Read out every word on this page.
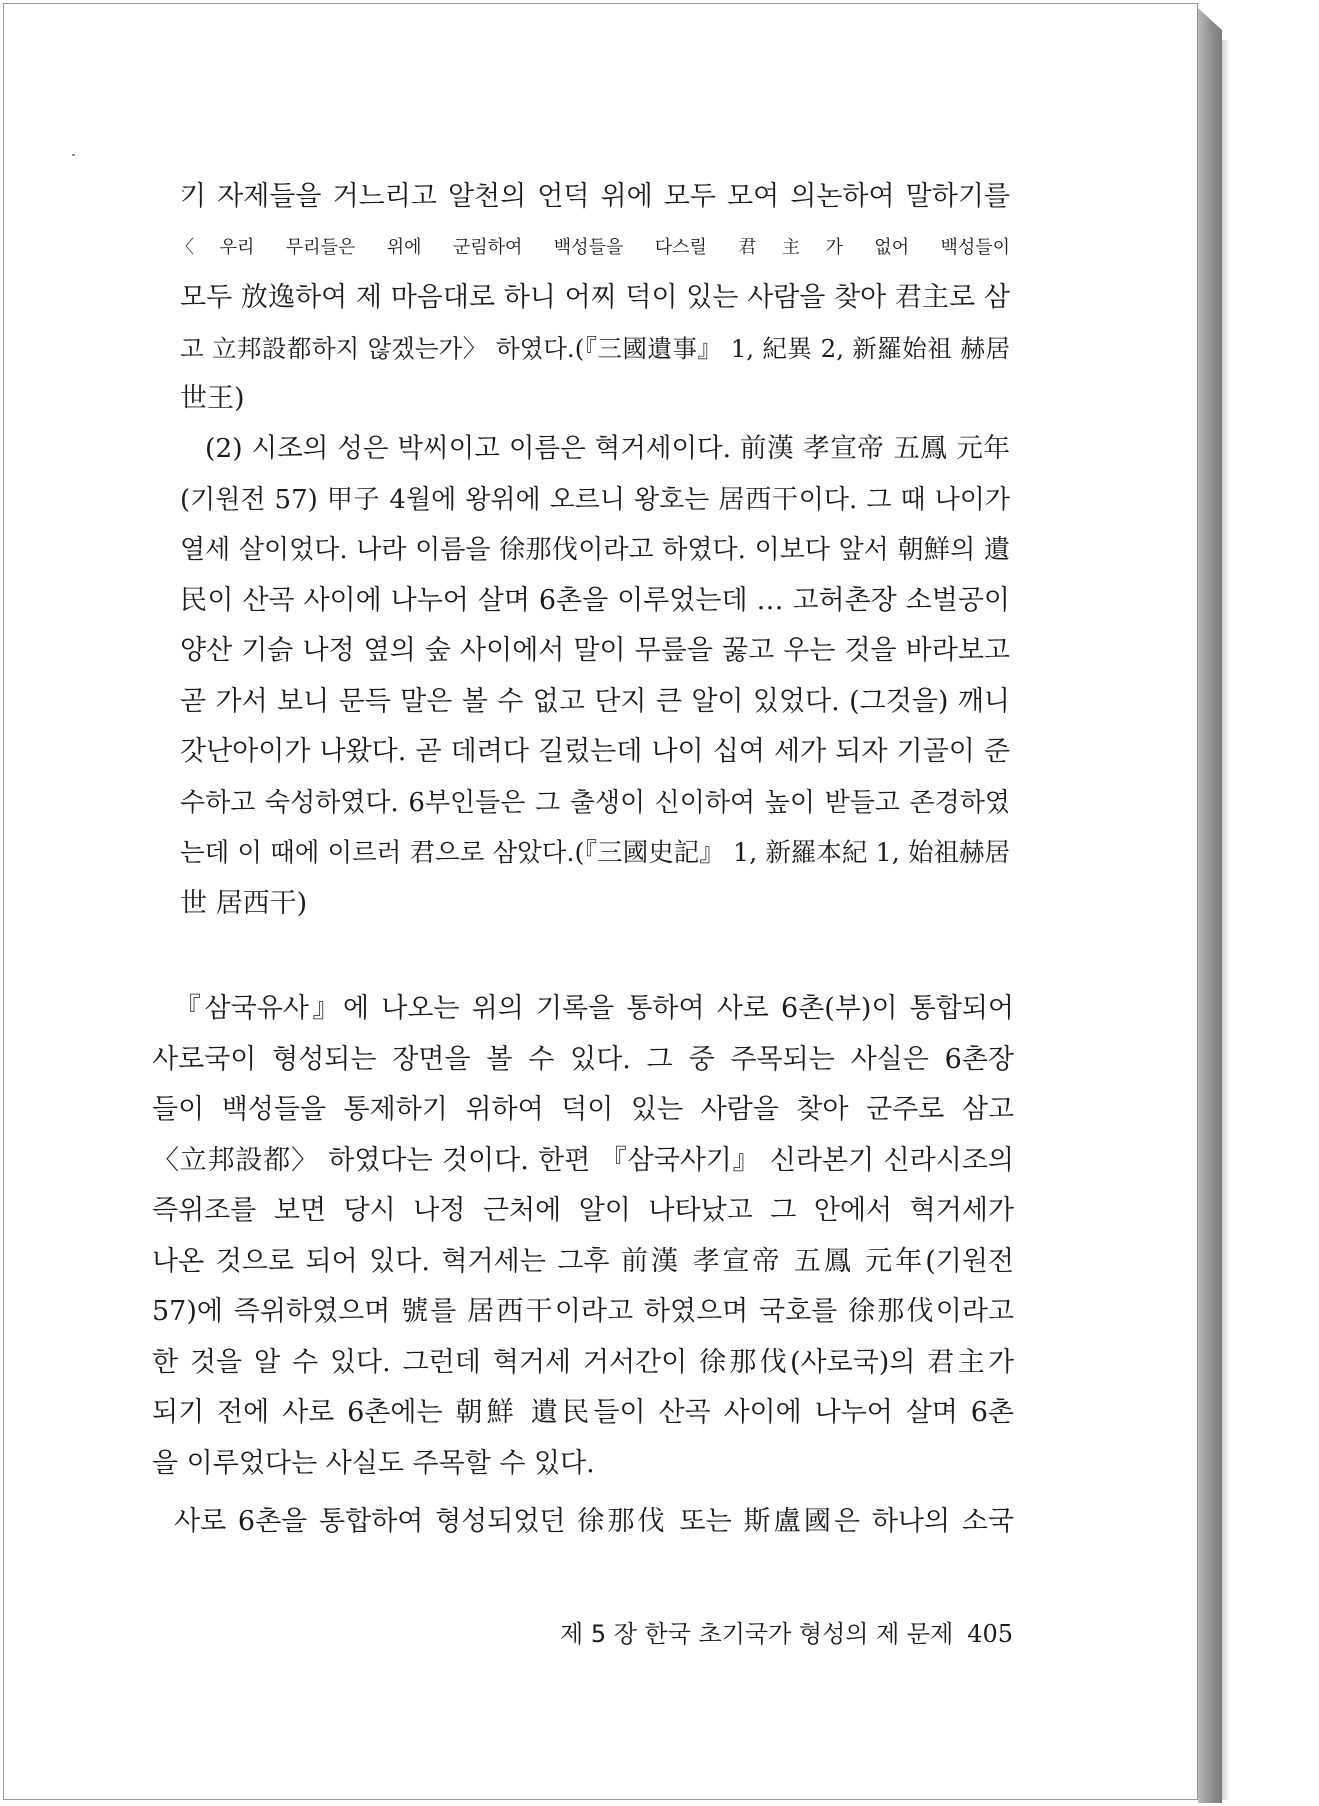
기 자제들을 거느리고 알천의 언덕 위에 모두 모여 의논하여 말하기를
〈우리 무리들은 위에 군림하여 백성들을 다스릴 君主가 없어 백성들이
모두 放逸하여 제 마음대로 하니 어찌 덕이 있는 사람을 찾아 君主로 삼
고 立邦設都하지 않겠는가〉 하였다.(『三國遺事』 1, 紀異 2, 新羅始祖 赫居
世王)
(2) 시조의 성은 박씨이고 이름은 혁거세이다. 前漢 孝宣帝 五鳳 元年
(기원전 57) 甲子 4월에 왕위에 오르니 왕호는 居西干이다. 그 때 나이가
열세 살이었다. 나라 이름을 徐那伐이라고 하였다. 이보다 앞서 朝鮮의 遺
民이 산곡 사이에 나누어 살며 6촌을 이루었는데 … 고허촌장 소벌공이
양산 기슭 나정 옆의 숲 사이에서 말이 무릎을 꿇고 우는 것을 바라보고
곧 가서 보니 문득 말은 볼 수 없고 단지 큰 알이 있었다. (그것을) 깨니
갓난아이가 나왔다. 곧 데려다 길렀는데 나이 십여 세가 되자 기골이 준
수하고 숙성하였다. 6부인들은 그 출생이 신이하여 높이 받들고 존경하였
는데 이 때에 이르러 君으로 삼았다.(『三國史記』 1, 新羅本紀 1, 始祖赫居
世 居西干)
『삼국유사』에 나오는 위의 기록을 통하여 사로 6촌(부)이 통합되어
사로국이 형성되는 장면을 볼 수 있다. 그 중 주목되는 사실은 6촌장
들이 백성들을 통제하기 위하여 덕이 있는 사람을 찾아 군주로 삼고
〈立邦設都〉 하였다는 것이다. 한편 『삼국사기』 신라본기 신라시조의
즉위조를 보면 당시 나정 근처에 알이 나타났고 그 안에서 혁거세가
나온 것으로 되어 있다. 혁거세는 그후 前漢 孝宣帝 五鳳 元年(기원전
57)에 즉위하였으며 號를 居西干이라고 하였으며 국호를 徐那伐이라고
한 것을 알 수 있다. 그런데 혁거세 거서간이 徐那伐(사로국)의 君主가
되기 전에 사로 6촌에는 朝鮮 遺民들이 산곡 사이에 나누어 살며 6촌
을 이루었다는 사실도 주목할 수 있다.
사로 6촌을 통합하여 형성되었던 徐那伐 또는 斯盧國은 하나의 소국
제 5 장 한국 초기국가 형성의 제 문제 405
